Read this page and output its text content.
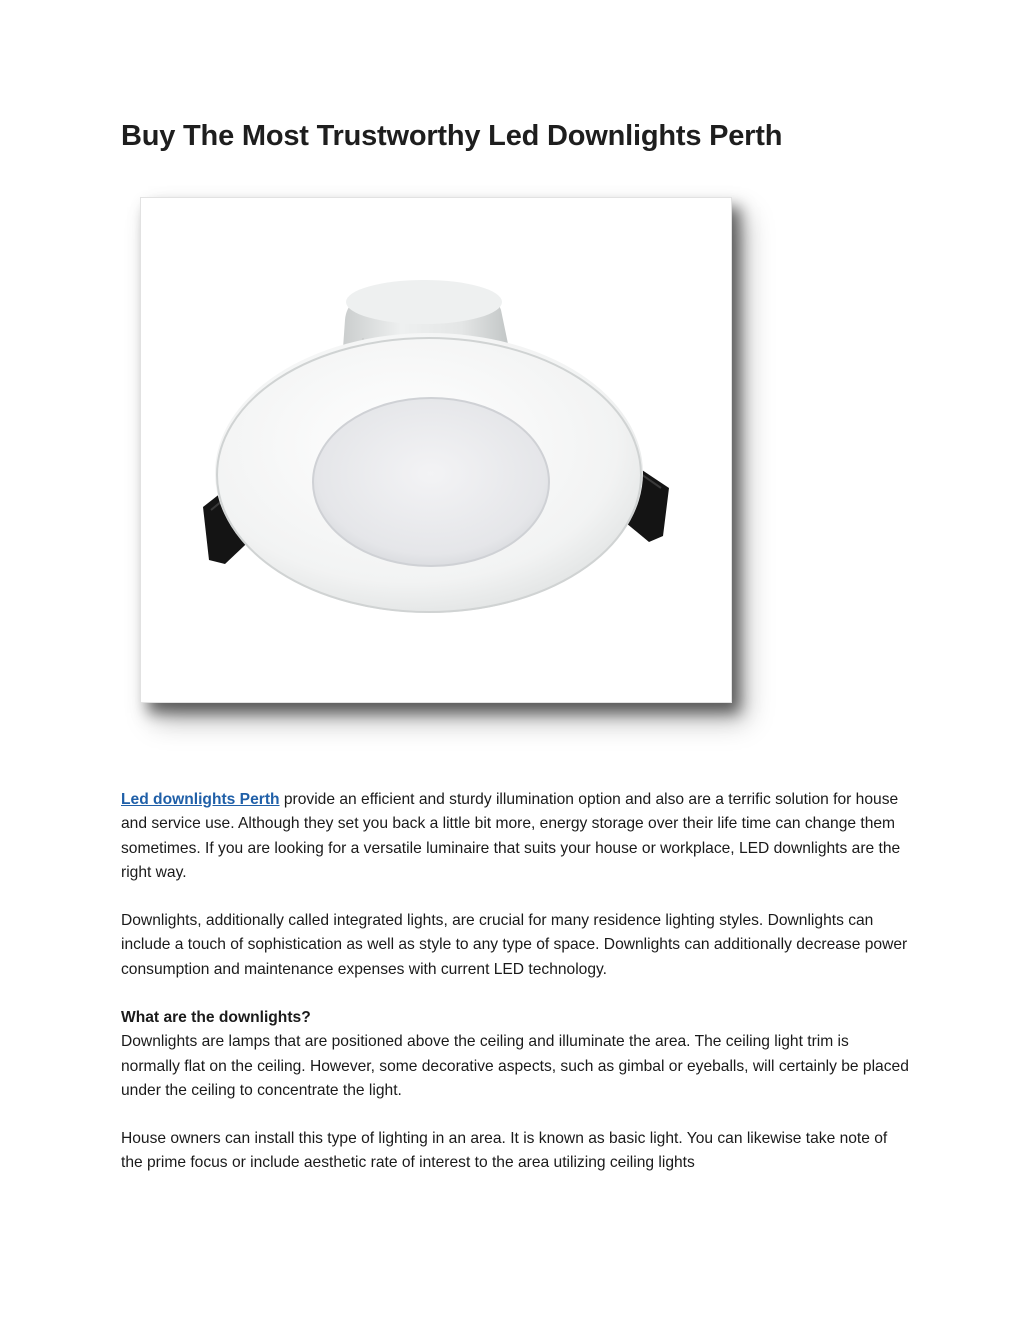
Buy The Most Trustworthy Led Downlights Perth

Led downlights Perth provide an efficient and sturdy illumination option and also are a terrific solution for house and service use. Although they set you back a little bit more, energy storage over their life time can change them sometimes. If you are looking for a versatile luminaire that suits your house or workplace, LED downlights are the right way.

Downlights, additionally called integrated lights, are crucial for many residence lighting styles. Downlights can include a touch of sophistication as well as style to any type of space. Downlights can additionally decrease power consumption and maintenance expenses with current LED technology.

What are the downlights?

Downlights are lamps that are positioned above the ceiling and illuminate the area. The ceiling light trim is normally flat on the ceiling. However, some decorative aspects, such as gimbal or eyeballs, will certainly be placed under the ceiling to concentrate the light.

House owners can install this type of lighting in an area. It is known as basic light. You can likewise take note of the prime focus or include aesthetic rate of interest to the area utilizing ceiling lights
